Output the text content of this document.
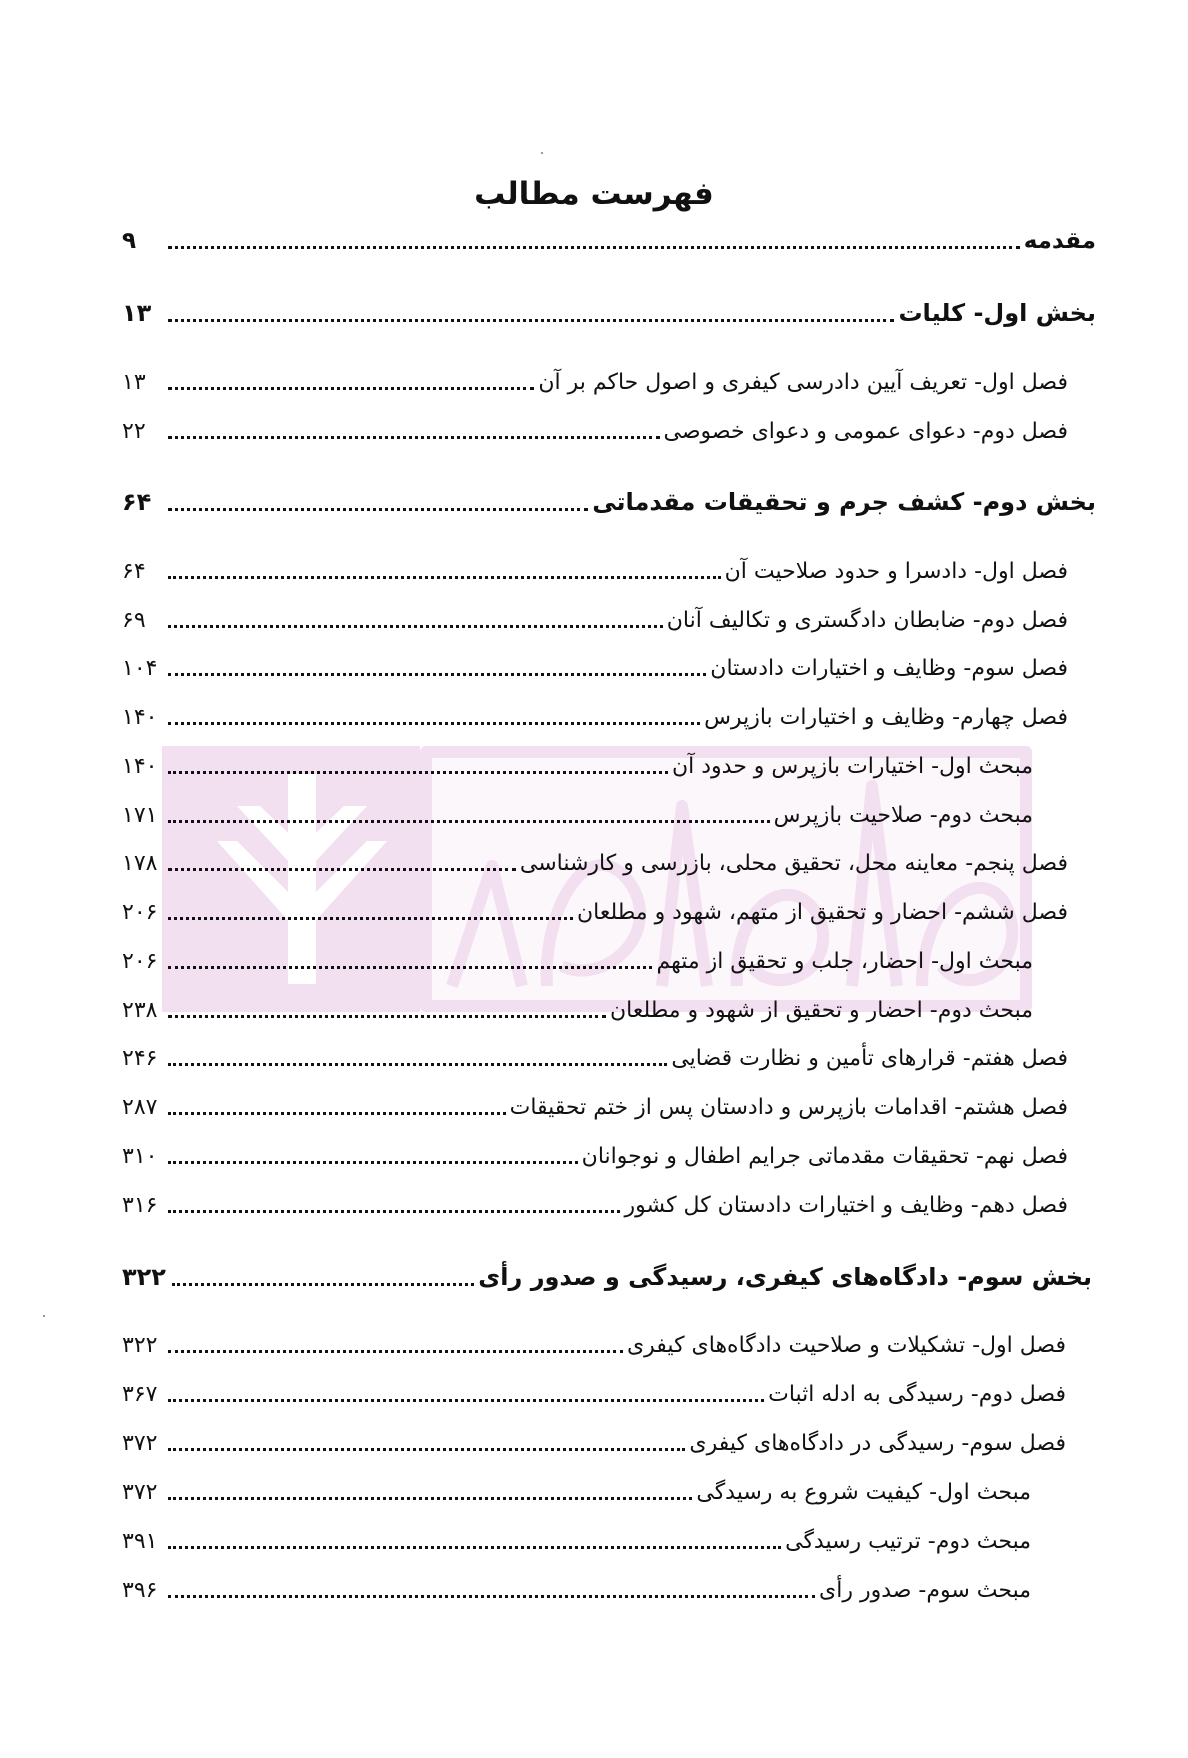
فهرست مطالب
مقدمه
۹
بخش اول- کلیات
۱۳
فصل اول- تعریف آیین دادرسی کیفری و اصول حاکم بر آن
۱۳
فصل دوم- دعوای عمومی و دعوای خصوصی
۲۲
بخش دوم- کشف جرم و تحقیقات مقدماتی
۶۴
فصل اول- دادسرا و حدود صلاحیت آن
۶۴
فصل دوم- ضابطان دادگستری و تکالیف آنان
۶۹
فصل سوم- وظایف و اختیارات دادستان
۱۰۴
فصل چهارم- وظایف و اختیارات بازپرس
۱۴۰
مبحث اول- اختیارات بازپرس و حدود آن
۱۴۰
مبحث دوم- صلاحیت بازپرس
۱۷۱
فصل پنجم- معاینه محل، تحقیق محلی، بازرسی و کارشناسی
۱۷۸
فصل ششم- احضار و تحقیق از متهم، شهود و مطلعان
۲۰۶
مبحث اول- احضار، جلب و تحقیق از متهم
۲۰۶
مبحث دوم- احضار و تحقیق از شهود و مطلعان
۲۳۸
فصل هفتم- قرارهای تأمین و نظارت قضایی
۲۴۶
فصل هشتم- اقدامات بازپرس و دادستان پس از ختم تحقیقات
۲۸۷
فصل نهم- تحقیقات مقدماتی جرایم اطفال و نوجوانان
۳۱۰
فصل دهم- وظایف و اختیارات دادستان کل کشور
۳۱۶
بخش سوم- دادگاه‌های کیفری، رسیدگی و صدور رأی
۳۲۲
فصل اول- تشکیلات و صلاحیت دادگاه‌های کیفری
۳۲۲
فصل دوم- رسیدگی به ادله اثبات
۳۶۷
فصل سوم- رسیدگی در دادگاه‌های کیفری
۳۷۲
مبحث اول- کیفیت شروع به رسیدگی
۳۷۲
مبحث دوم- ترتیب رسیدگی
۳۹۱
مبحث سوم- صدور رأی
۳۹۶
